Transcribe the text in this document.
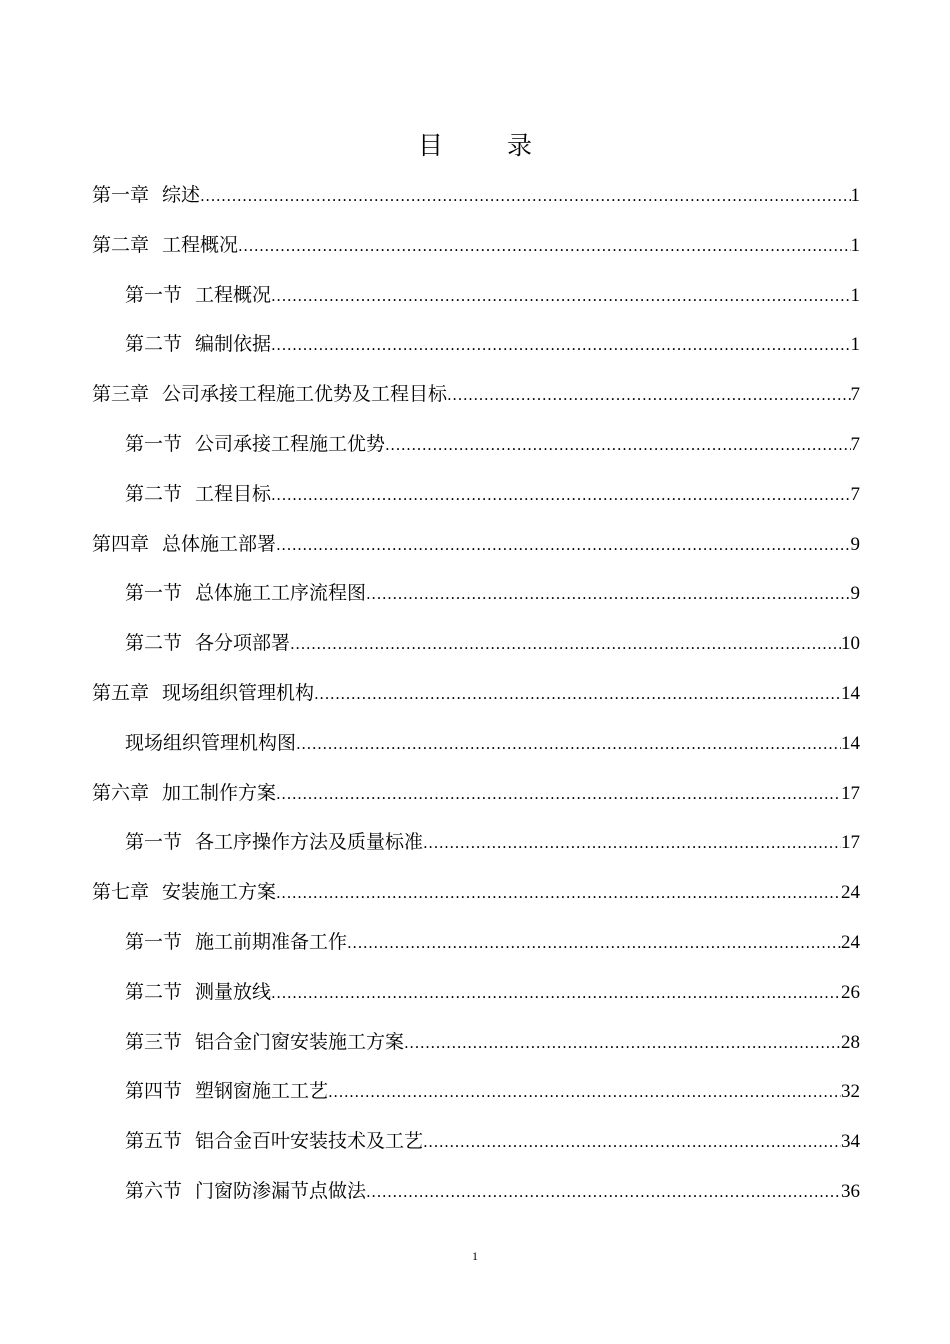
目	录
第一章 综述 .....	1
第二章 工程概况 .....	1
第一节 工程概况 .....	1
第二节 编制依据 .....	1
第三章 公司承接工程施工优势及工程目标 .....	7
第一节 公司承接工程施工优势 .....	7
第二节 工程目标 .....	7
第四章 总体施工部署 .....	9
第一节 总体施工工序流程图 .....	9
第二节 各分项部署 .....	10
第五章 现场组织管理机构 .....	14
现场组织管理机构图 .....	14
第六章 加工制作方案 .....	17
第一节 各工序操作方法及质量标准 .....	17
第七章 安装施工方案 .....	24
第一节 施工前期准备工作 .....	24
第二节 测量放线 .....	26
第三节 铝合金门窗安装施工方案 .....	28
第四节 塑钢窗施工工艺 .....	32
第五节 铝合金百叶安装技术及工艺 .....	34
第六节 门窗防渗漏节点做法 .....	36
1
